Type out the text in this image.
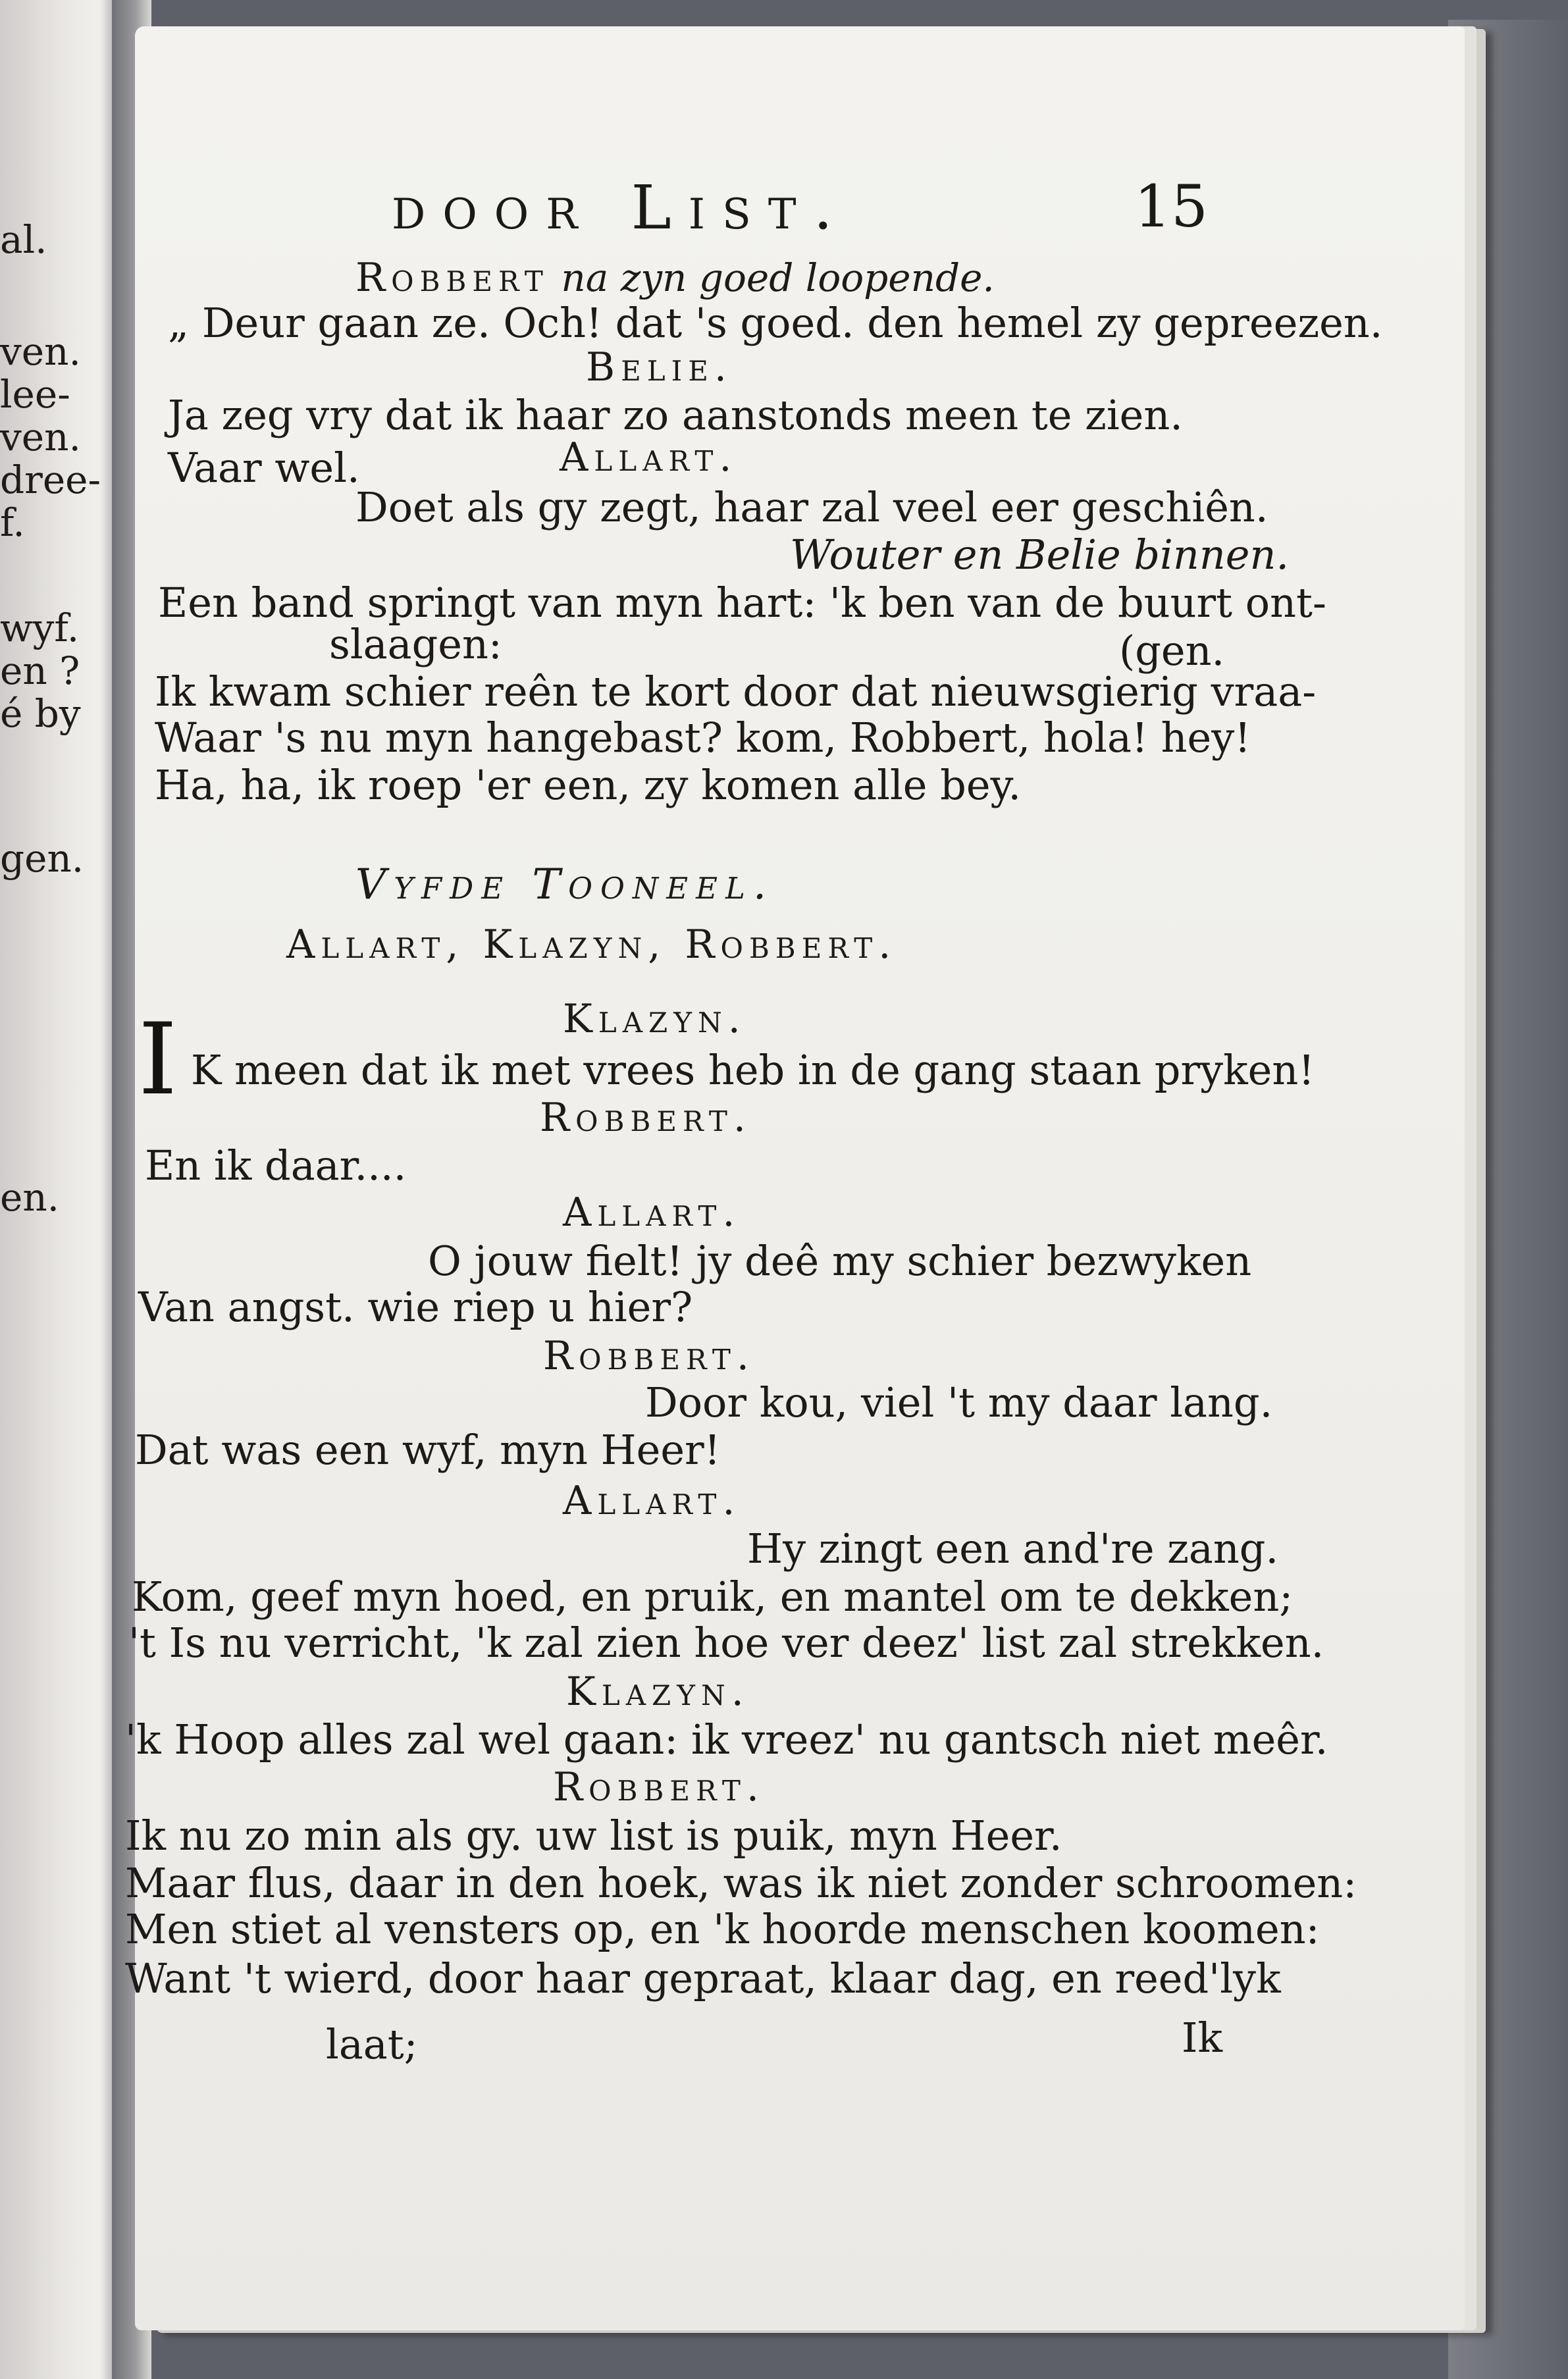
al.
ven.
lee-
ven.
dree-
f.
wyf.
en ?
é by
gen.
en.
door List.	15
I
Robbert na zyn goed loopende.
„ Deur gaan ze. Och! dat 's goed. den hemel zy gepreezen.
Belie.
Ja zeg vry dat ik haar zo aanstonds meen te zien.
Vaar wel.	Allart.
Doet als gy zegt, haar zal veel eer geschiên.
Wouter en Belie binnen.
Een band springt van myn hart: 'k ben van de buurt ont-
slaagen:	(gen.
Ik kwam schier reên te kort door dat nieuwsgierig vraa-
Waar 's nu myn hangebast? kom, Robbert, hola! hey!
Ha, ha, ik roep 'er een, zy komen alle bey.
Vyfde Tooneel.
Allart, Klazyn, Robbert.
Klazyn.
K meen dat ik met vrees heb in de gang staan pryken!
Robbert.
En ik daar....
Allart.
O jouw fielt! jy deê my schier bezwyken
Van angst. wie riep u hier?
Robbert.
Door kou, viel 't my daar lang.
Dat was een wyf, myn Heer!
Allart.
Hy zingt een and're zang.
Kom, geef myn hoed, en pruik, en mantel om te dekken;
't Is nu verricht, 'k zal zien hoe ver deez' list zal strekken.
Klazyn.
'k Hoop alles zal wel gaan: ik vreez' nu gantsch niet meêr.
Robbert.
Ik nu zo min als gy. uw list is puik, myn Heer.
Maar flus, daar in den hoek, was ik niet zonder schroomen:
Men stiet al vensters op, en 'k hoorde menschen koomen:
Want 't wierd, door haar gepraat, klaar dag, en reed'lyk
laat;	Ik
